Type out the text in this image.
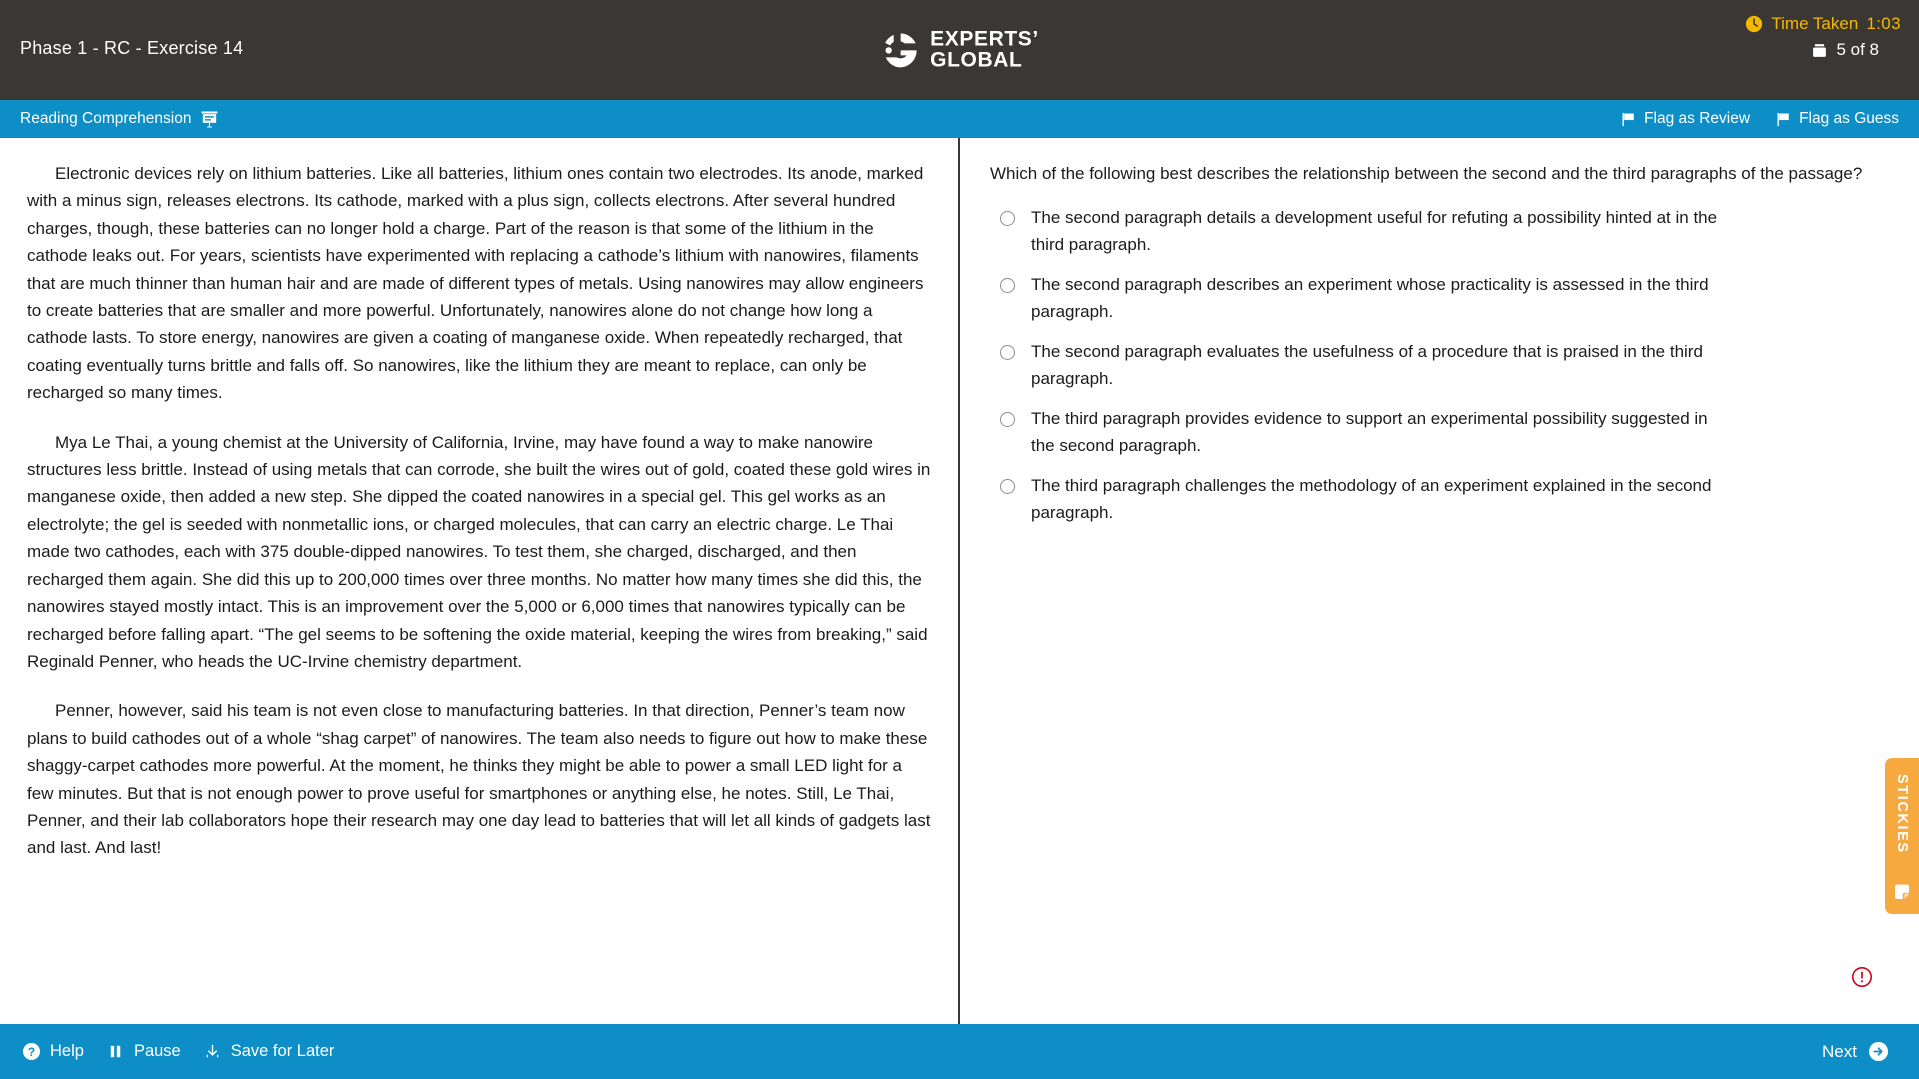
Phase 1 - RC - Exercise 14	EXPERTS’
GLOBAL
Time Taken 1:03
5 of 8
Reading Comprehension	Flag as Review	Flag as Guess

Electronic devices rely on lithium batteries. Like all batteries, lithium ones contain two electrodes. Its anode, marked with a minus sign, releases electrons. Its cathode, marked with a plus sign, collects electrons. After several hundred charges, though, these batteries can no longer hold a charge. Part of the reason is that some of the lithium in the cathode leaks out. For years, scientists have experimented with replacing a cathode’s lithium with nanowires, filaments that are much thinner than human hair and are made of different types of metals. Using nanowires may allow engineers to create batteries that are smaller and more powerful. Unfortunately, nanowires alone do not change how long a cathode lasts. To store energy, nanowires are given a coating of manganese oxide. When repeatedly recharged, that coating eventually turns brittle and falls off. So nanowires, like the lithium they are meant to replace, can only be recharged so many times.

Mya Le Thai, a young chemist at the University of California, Irvine, may have found a way to make nanowire structures less brittle. Instead of using metals that can corrode, she built the wires out of gold, coated these gold wires in manganese oxide, then added a new step. She dipped the coated nanowires in a special gel. This gel works as an electrolyte; the gel is seeded with nonmetallic ions, or charged molecules, that can carry an electric charge. Le Thai made two cathodes, each with 375 double-dipped nanowires. To test them, she charged, discharged, and then recharged them again. She did this up to 200,000 times over three months. No matter how many times she did this, the nanowires stayed mostly intact. This is an improvement over the 5,000 or 6,000 times that nanowires typically can be recharged before falling apart. “The gel seems to be softening the oxide material, keeping the wires from breaking,” said Reginald Penner, who heads the UC-Irvine chemistry department.

Penner, however, said his team is not even close to manufacturing batteries. In that direction, Penner’s team now plans to build cathodes out of a whole “shag carpet” of nanowires. The team also needs to figure out how to make these shaggy-carpet cathodes more powerful. At the moment, he thinks they might be able to power a small LED light for a few minutes. But that is not enough power to prove useful for smartphones or anything else, he notes. Still, Le Thai, Penner, and their lab collaborators hope their research may one day lead to batteries that will let all kinds of gadgets last and last. And last!

Which of the following best describes the relationship between the second and the third paragraphs of the passage?
The second paragraph details a development useful for refuting a possibility hinted at in the third paragraph.
The second paragraph describes an experiment whose practicality is assessed in the third paragraph.
The second paragraph evaluates the usefulness of a procedure that is praised in the third paragraph.
The third paragraph provides evidence to support an experimental possibility suggested in the second paragraph.
The third paragraph challenges the methodology of an experiment explained in the second paragraph.
STICKIES
? Help	Pause	Save for Later	Next
